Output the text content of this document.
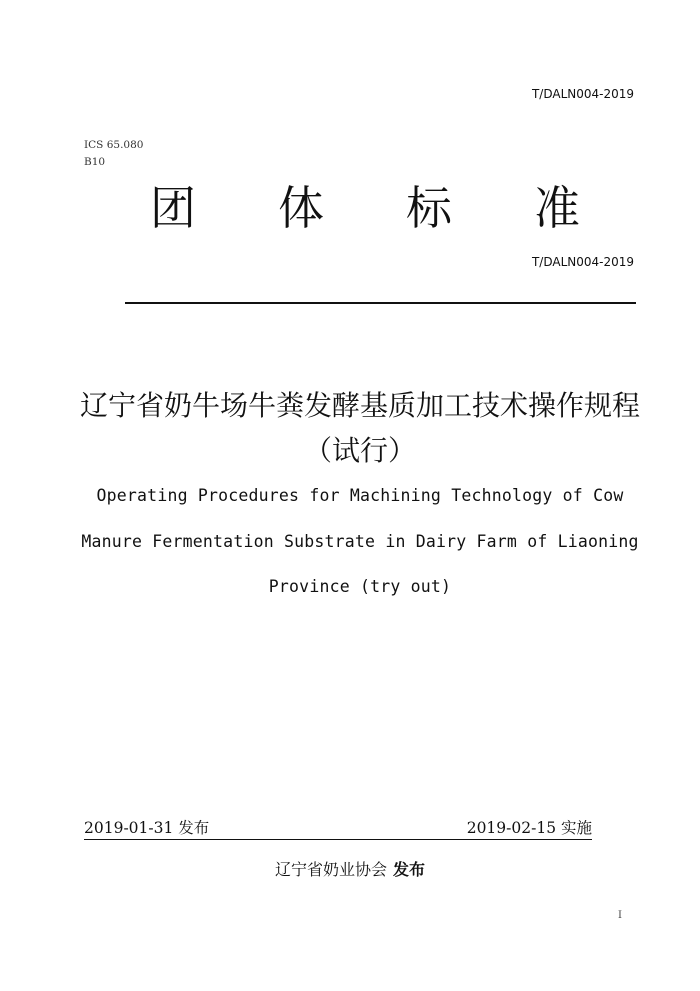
T/DALN004-2019
ICS 65.080
B10
团 体 标 准
T/DALN004-2019
辽宁省奶牛场牛粪发酵基质加工技术操作规程（试行）
Operating Procedures for Machining Technology of Cow
Manure Fermentation Substrate in Dairy Farm of Liaoning
Province (try out)
2019-01-31 发布	2019-02-15 实施
辽宁省奶业协会 发布
I
